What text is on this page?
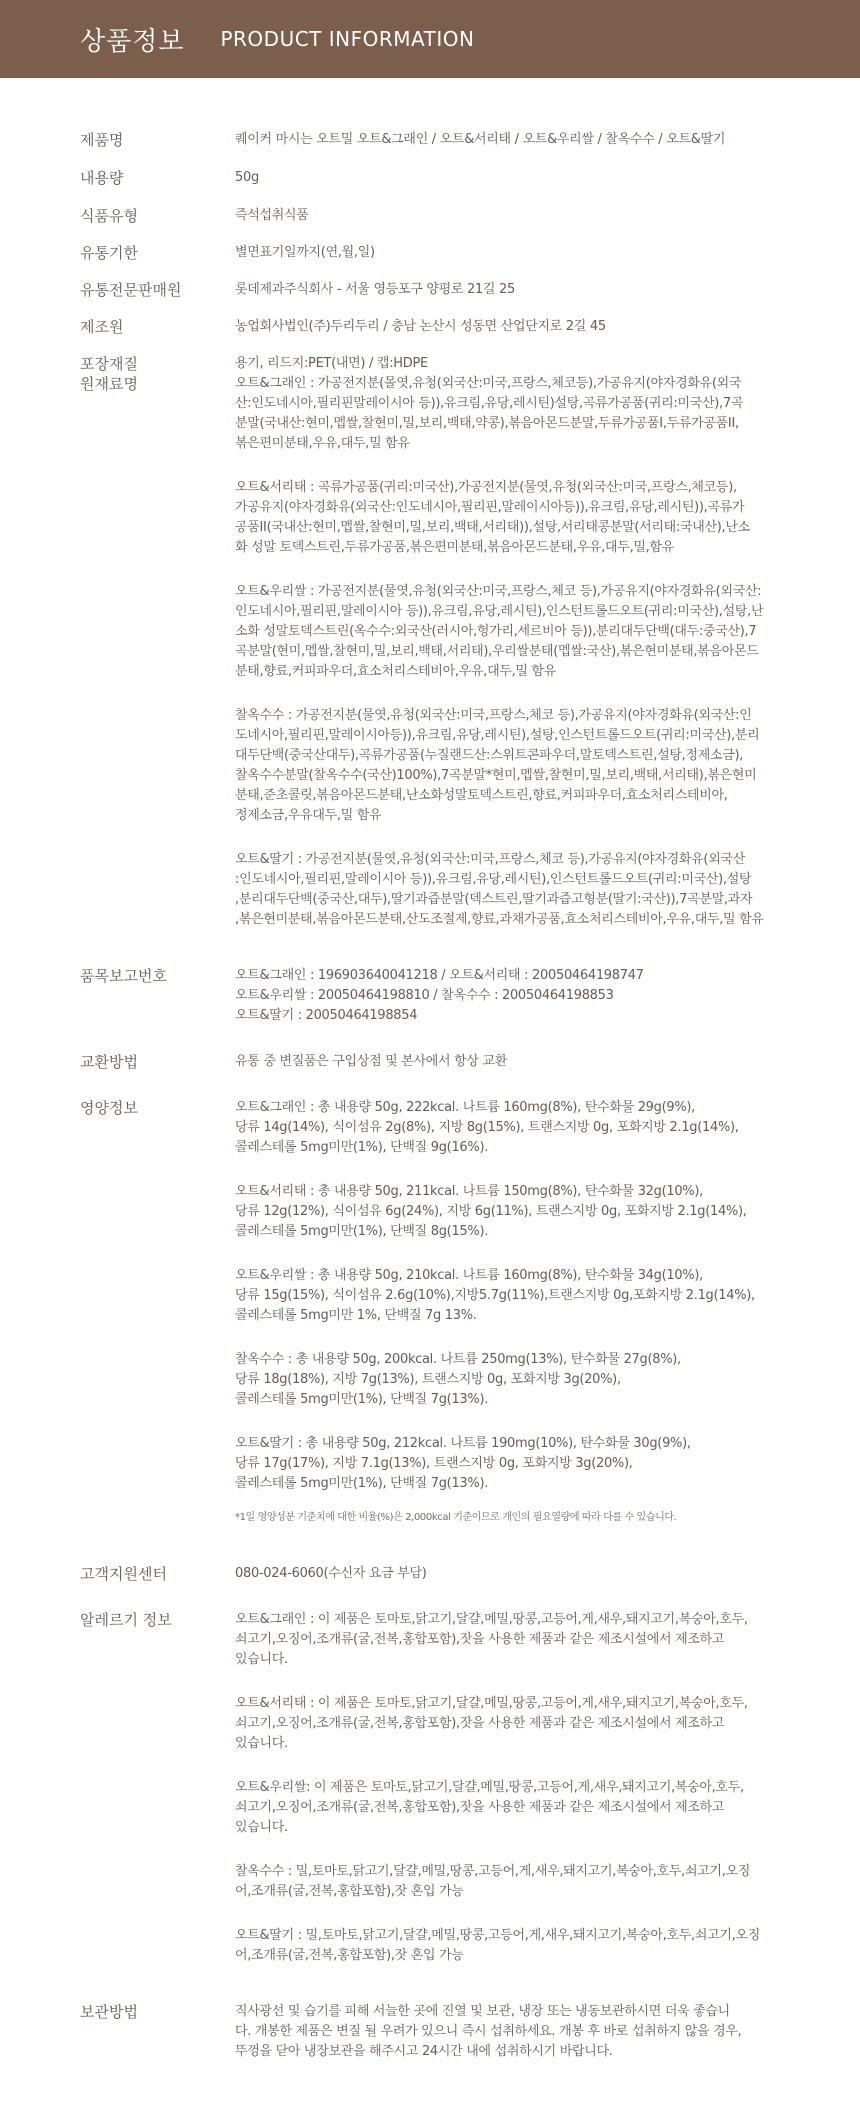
상품정보 PRODUCT INFORMATION
제품명	퀘이커 마시는 오트밀 오트&그래인 / 오트&서리태 / 오트&우리쌀 / 찰옥수수 / 오트&딸기
내용량	50g
식품유형	즉석섭취식품
유통기한	별면표기일까지(연,월,일)
유통전문판매원	롯데제과주식회사 - 서울 영등포구 양평로 21길 25
제조원	농업회사법인(주)두리두리 / 충남 논산시 성동면 산업단지로 2길 45
포장재질	용기, 리드지:PET(내면) / 캡:HDPE
원재료명	오트&그래인 : 가공전지분(몰엿,유청(외국산:미국,프랑스,체코등),가공유지(야자경화유(외국
산:인도네시아,필리핀말레이시아 등)),유크림,유당,레시틴)설탕,곡류가공품(귀리:미국산),7곡
분말(국내산:현미,멥쌀,찰현미,밀,보리,백태,약콩),볶음아몬드분말,두류가공품I,두류가공품II,
볶은편미분태,우유,대두,밀 함유

오트&서리태 : 곡류가공품(귀리:미국산),가공전지분(물엿,유청(외국산:미국,프랑스,체코등),
가공유지(야자경화유(외국산:인도네시아,필리핀,말레이시아등)),유크림,유당,레시틴)),곡류가
공품II(국내산:현미,멥쌀,찰현미,밀,보리,백태,서리태)),설탕,서리태콩분말(서리태:국내산),난소
화 성말 토덱스트린,두류가공품,볶은편미분태,볶음아몬드분태,우유,대두,밀,함유

오트&우리쌀 : 가공전지분(물엿,유청(외국산:미국,프랑스,체코 등),가공유지(야자경화유(외국산:
인도네시아,필리핀,말레이시아 등)),유크림,유당,레시틴),인스턴트롤드오트(귀리:미국산),설탕,난
소화 성말토덱스트린(옥수수:외국산(러시아,헝가리,세르비아 등)),분리대두단백(대두:중국산),7
곡분말(현미,멥쌀,찰현미,밀,보리,백태,서리태),우리쌀분태(멥쌀:국산),볶은현미분태,볶음아몬드
분태,향료,커피파우더,효소처리스테비아,우유,대두,밀 함유

찰옥수수 : 가공전지분(물엿,유청(외국산:미국,프랑스,체코 등),가공유지(야자경화유(외국산:인
도네시아,필리핀,말레이시아등)),유크림,유당,레시틴),설탕,인스턴트롤드오트(귀리:미국산),분리
대두단백(중국산대두),곡류가공품(누질랜드산:스위트콘파우더,말토덱스트린,설탕,정제소금),
찰옥수수분말(찰옥수수(국산)100%),7곡분말*현미,멥쌀,찰현미,밀,보리,백태,서리태),볶은현미
분태,준초콜릿,볶음아몬드분태,난소화성말토덱스트린,향료,커피파우더,효소처리스테비아,
정제소금,우유대두,밀 함유

오트&딸기 : 가공전지분(물엿,유청(외국산:미국,프랑스,체코 등),가공유지(야자경화유(외국산
:인도네시아,필리핀,말레이시아 등)),유크림,유당,레시틴),인스턴트롤드오트(귀리:미국산),설탕
,분리대두단백(중국산,대두),딸기과즙분말(덱스트린,딸기과즙고형분(딸기:국산)),7곡분말,과자
,볶은현미분태,볶음아몬드분태,산도조절제,향료,과채가공품,효소처리스테비아,우유,대두,밀 함유

품목보고번호	오트&그래인 : 196903640041218 / 오트&서리태 : 20050464198747
오트&우리쌀 : 20050464198810 / 찰옥수수 : 20050464198853
오트&딸기 : 20050464198854
교환방법	유통 중 변질품은 구입상점 및 본사에서 항상 교환
영양정보	오트&그래인 : 총 내용량 50g, 222kcal. 나트륨 160mg(8%), 탄수화물 29g(9%),
당류 14g(14%), 식이섬유 2g(8%), 지방 8g(15%), 트랜스지방 0g, 포화지방 2.1g(14%),
콜레스테롤 5mg미만(1%), 단백질 9g(16%).

오트&서리태 : 총 내용량 50g, 211kcal. 나트륨 150mg(8%), 탄수화물 32g(10%),
당류 12g(12%), 식이섬유 6g(24%), 지방 6g(11%), 트랜스지방 0g, 포화지방 2.1g(14%),
콜레스테롤 5mg미만(1%), 단백질 8g(15%).

오트&우리쌀 : 총 내용량 50g, 210kcal. 나트륨 160mg(8%), 탄수화물 34g(10%),
당류 15g(15%), 식이섬유 2.6g(10%),지방5.7g(11%),트랜스지방 0g,포화지방 2.1g(14%),
콜레스테롤 5mg미만 1%, 단백질 7g 13%.

찰옥수수 : 총 내용량 50g, 200kcal. 나트륨 250mg(13%), 탄수화물 27g(8%),
당류 18g(18%), 지방 7g(13%), 트랜스지방 0g, 포화지방 3g(20%),
콜레스테롤 5mg미만(1%), 단백질 7g(13%).

오트&딸기 : 총 내용량 50g, 212kcal. 나트륨 190mg(10%), 탄수화물 30g(9%),
당류 17g(17%), 지방 7.1g(13%), 트랜스지방 0g, 포화지방 3g(20%),
콜레스테롤 5mg미만(1%), 단백질 7g(13%).

*1일 영양성분 기준치에 대한 비율(%)은 2,000kcal 기준이므로 개인의 필요열량에 따라 다를 수 있습니다.
고객지원센터	080-024-6060(수신자 요금 부담)
알레르기 정보	오트&그래인 : 이 제품은 토마토,닭고기,달걀,메밀,땅콩,고등어,게,새우,돼지고기,복숭아,호두,
쇠고기,오징어,조개류(굴,전복,홍합포함),잣을 사용한 제품과 같은 제조시설에서 제조하고
있습니다.

오트&서리태 : 이 제품은 토마토,닭고기,달걀,메밀,땅콩,고등어,게,새우,돼지고기,복숭아,호두,
쇠고기,오징어,조개류(굴,전복,홍합포함),잣을 사용한 제품과 같은 제조시설에서 제조하고
있습니다.

오트&우리쌀: 이 제품은 토마토,닭고기,달걀,메밀,땅콩,고등어,게,새우,돼지고기,복숭아,호두,
쇠고기,오징어,조개류(굴,전복,홍합포함),잣을 사용한 제품과 같은 제조시설에서 제조하고
있습니다.

찰옥수수 : 밀,토마토,닭고기,달걀,메밀,땅콩,고등어,게,새우,돼지고기,복숭아,호두,쇠고기,오징
어,조개류(굴,전복,홍합포함),잣 혼입 가능

오트&딸기 : 밀,토마토,닭고기,달걀,메밀,땅콩,고등어,게,새우,돼지고기,복숭아,호두,쇠고기,오징
어,조개류(굴,전복,홍합포함),잣 혼입 가능

보관방법	직사광선 및 습기를 피해 서늘한 곳에 진열 및 보관, 냉장 또는 냉동보관하시면 더욱 좋습니
다. 개봉한 제품은 변질 될 우려가 있으니 즉시 섭취하세요. 개봉 후 바로 섭취하지 않을 경우,
뚜껑을 닫아 냉장보관을 해주시고 24시간 내에 섭취하시기 바랍니다.
